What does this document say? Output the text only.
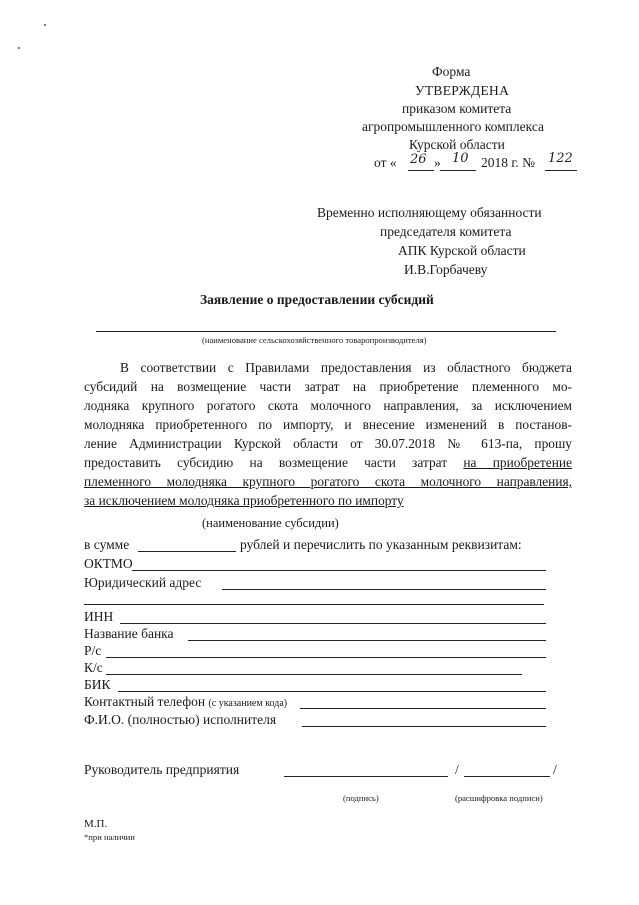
Форма
УТВЕРЖДЕНА
приказом комитета
агропромышленного комплекса
Курской области
от « 26 » 10 2018 г. № 122
Временно исполняющему обязанности
председателя комитета
АПК Курской области
И.В.Горбачеву
Заявление о предоставлении субсидий
(наименование сельскохозяйственного товаропроизводителя)
В соответствии с Правилами предоставления из областного бюджета
субсидий на возмещение части затрат на приобретение племенного мо-
лодняка крупного рогатого скота молочного направления, за исключением
молодняка приобретенного по импорту, и внесение изменений в постанов-
ление Администрации Курской области от 30.07.2018 № 613-па, прошу
предоставить субсидию на возмещение части затрат на приобретение
племенного молодняка крупного рогатого скота молочного направления,
за исключением молодняка приобретенного по импорту
(наименование субсидии)
в сумме	рублей и перечислить по указанным реквизитам:
ОКТМО
Юридический адрес
ИНН
Название банка
Р/с
К/с
БИК
Контактный телефон (с указанием кода)
Ф.И.О. (полностью) исполнителя
Руководитель предприятия	/	/
(подпись)	(расшифровка подписи)
М.П.
*при наличии
